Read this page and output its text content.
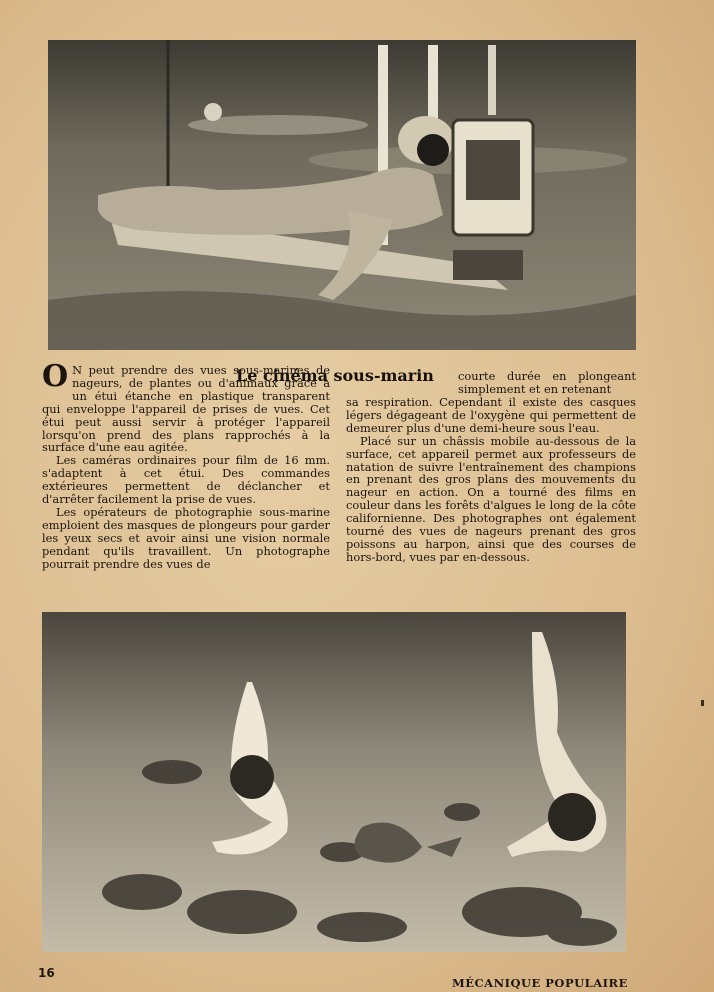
Le cinéma sous-marin

O N peut prendre des vues sous-marines de nageurs, de plantes ou d'animaux grâce à un étui étanche en plastique transparent qui enveloppe l'appareil de prises de vues. Cet étui peut aussi servir à protéger l'appareil lorsqu'on prend des plans rapprochés à la surface d'une eau agitée.

Les caméras ordinaires pour film de 16 mm. s'adaptent à cet étui. Des commandes extérieures permettent de déclancher et d'arrêter facilement la prise de vues.

Les opérateurs de photographie sous-marine emploient des masques de plongeurs pour garder les yeux secs et avoir ainsi une vision normale pendant qu'ils travaillent. Un photographe pourrait prendre des vues de

courte durée en plongeant simplement et en retenant

sa respiration. Cependant il existe des casques légers dégageant de l'oxygène qui permettent de demeurer plus d'une demi-heure sous l'eau.

Placé sur un châssis mobile au-dessous de la surface, cet appareil permet aux professeurs de natation de suivre l'entraînement des champions en prenant des gros plans des mouvements du nageur en action. On a tourné des films en couleur dans les forêts d'algues le long de la côte californienne. Des photographes ont également tourné des vues de nageurs prenant des gros poissons au harpon, ainsi que des courses de hors-bord, vues par en-dessous.

16
MÉCANIQUE POPULAIRE
